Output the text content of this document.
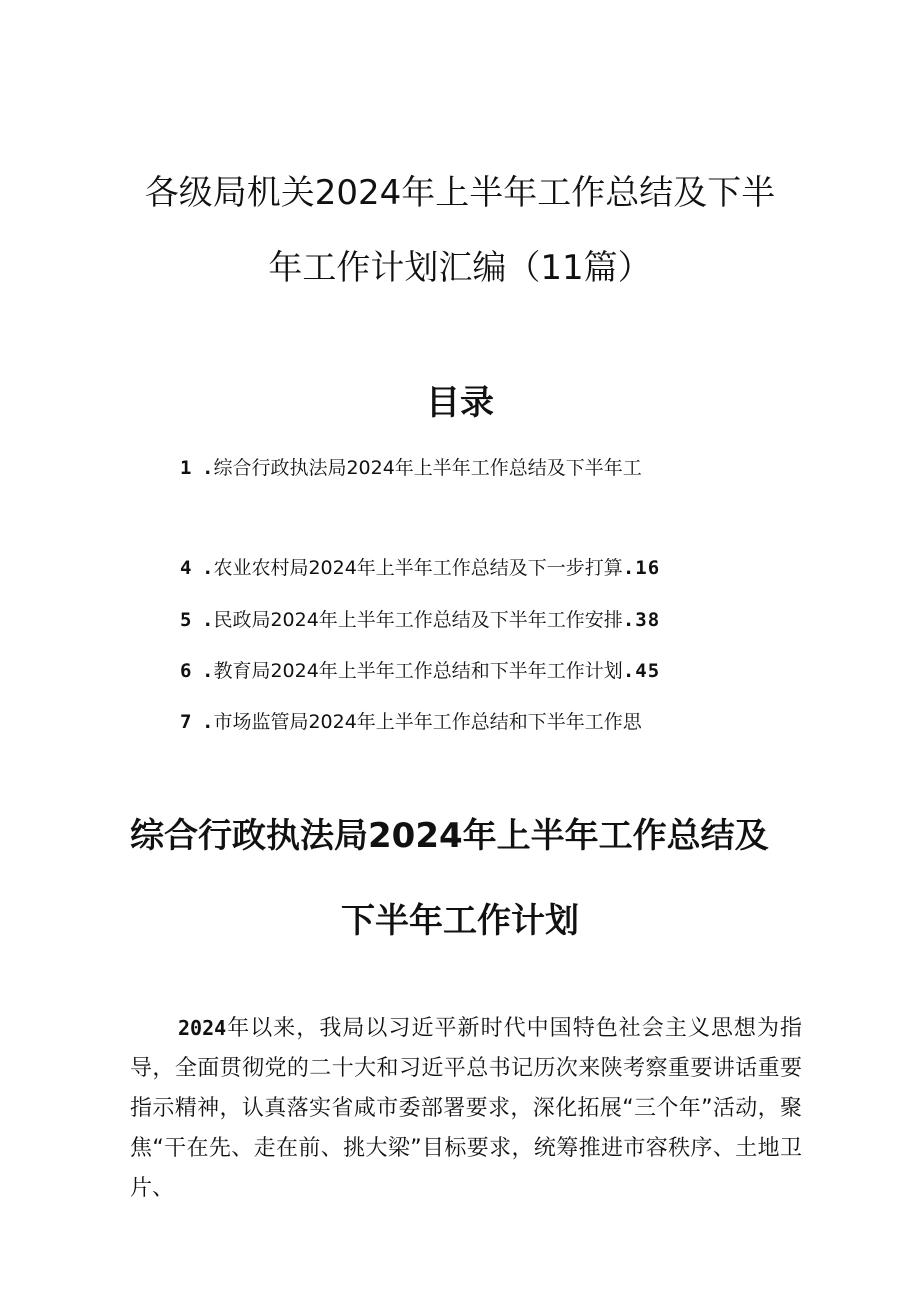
各级局机关2024年上半年工作总结及下半
年工作计划汇编（11篇）
目录
1 .综合行政执法局2024年上半年工作总结及下半年工
4 .农业农村局2024年上半年工作总结及下一步打算.16
5 .民政局2024年上半年工作总结及下半年工作安排.38
6 .教育局2024年上半年工作总结和下半年工作计划.45
7 .市场监管局2024年上半年工作总结和下半年工作思
综合行政执法局2024年上半年工作总结及
下半年工作计划

2024年以来，我局以习近平新时代中国特色社会主义思想为指导，全面贯彻党的二十大和习近平总书记历次来陕考察重要讲话重要指示精神，认真落实省咸市委部署要求，深化拓展“三个年”活动，聚焦“干在先、走在前、挑大梁”目标要求，统筹推进市容秩序、土地卫片、
